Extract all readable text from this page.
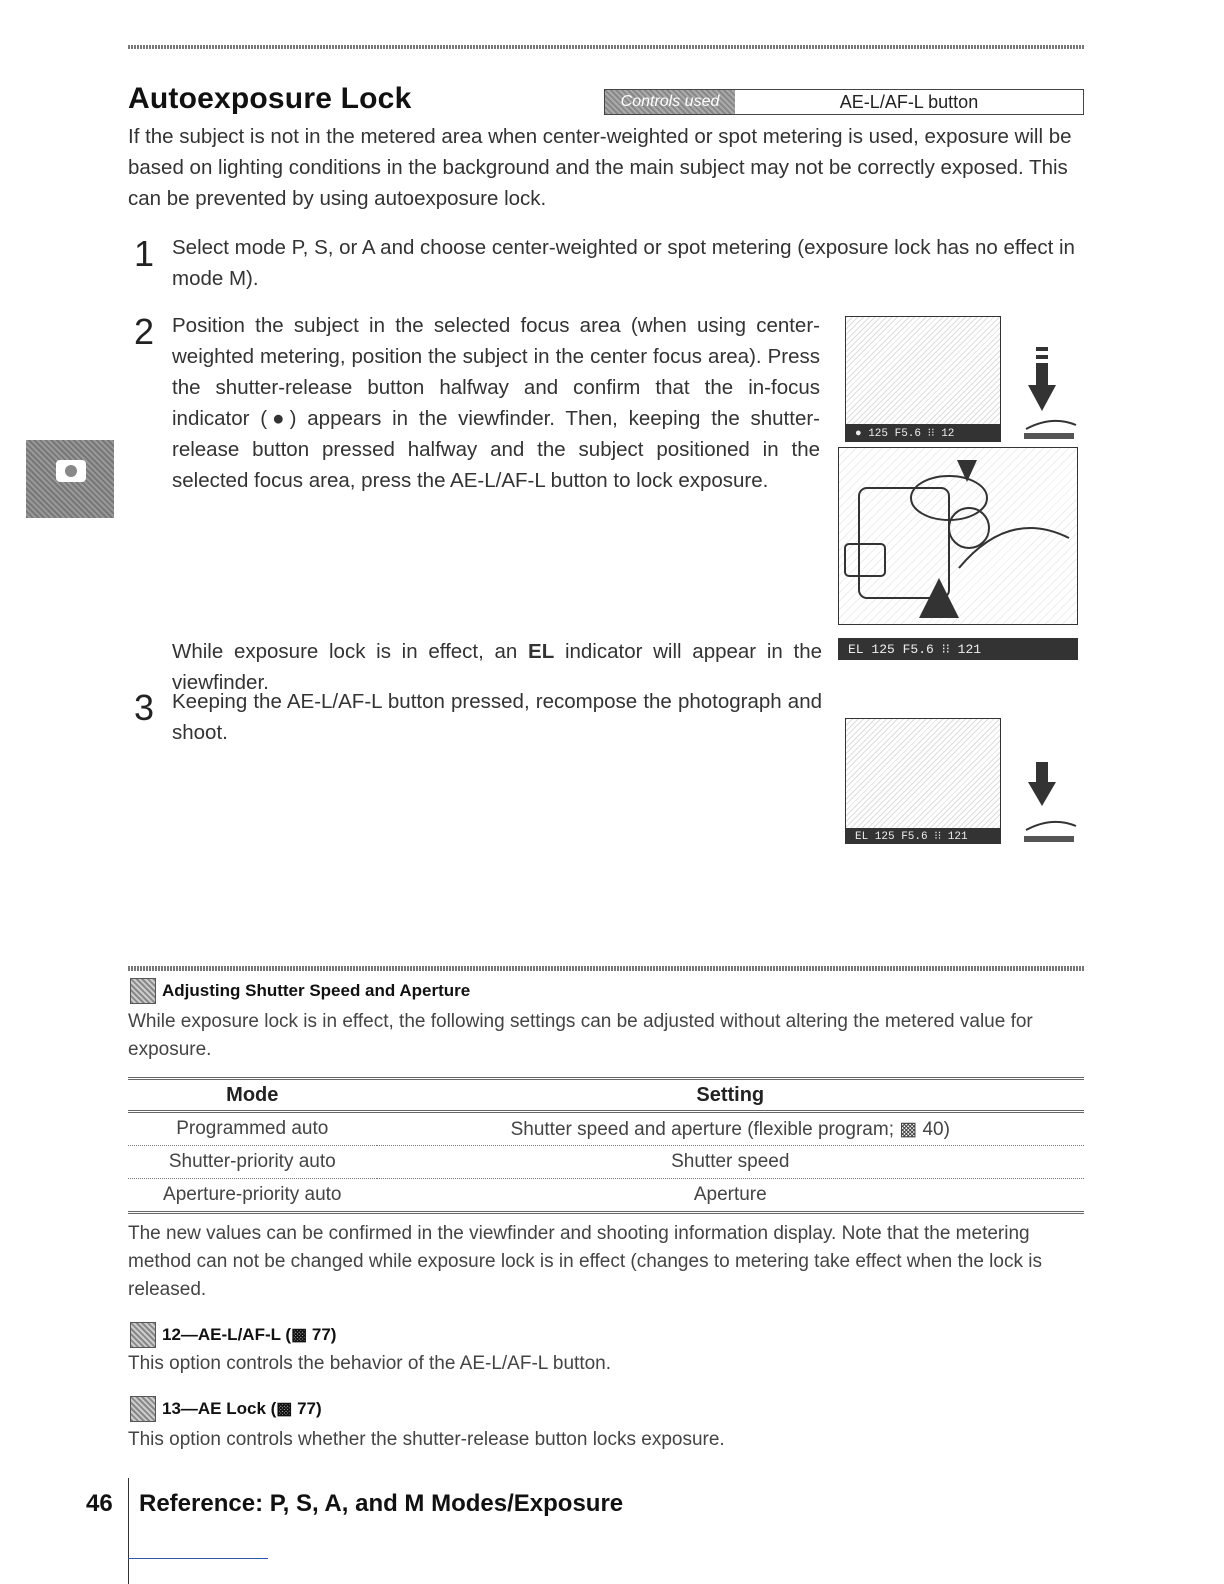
Autoexposure Lock	Controls used	AE-L/AF-L button
If the subject is not in the metered area when center-weighted or spot metering is used, exposure will be based on lighting conditions in the background and the main subject may not be correctly exposed. This can be prevented by using autoexposure lock.
1 Select mode P, S, or A and choose center-weighted or spot metering (exposure lock has no effect in mode M).
2 Position the subject in the selected focus area (when using center-weighted metering, position the subject in the center focus area). Press the shutter-release button halfway and confirm that the in-focus indicator (●) appears in the viewfinder. Then, keeping the shutter-release button pressed halfway and the subject positioned in the selected focus area, press the AE-L/AF-L button to lock exposure.
● 125 F5.6 ⁝⁝ 12
While exposure lock is in effect, an EL indicator will appear in the viewfinder.
EL 125 F5.6 ⁝⁝ 121
3 Keeping the AE-L/AF-L button pressed, recompose the photograph and shoot.
EL 125 F5.6 ⁝⁝ 121
Adjusting Shutter Speed and Aperture
While exposure lock is in effect, the following settings can be adjusted without altering the metered value for exposure.
Mode	Setting
Programmed auto	Shutter speed and aperture (flexible program; ▩ 40)
Shutter-priority auto	Shutter speed
Aperture-priority auto	Aperture
The new values can be confirmed in the viewfinder and shooting information display. Note that the metering method can not be changed while exposure lock is in effect (changes to metering take effect when the lock is released.
12—AE-L/AF-L (▩ 77)
This option controls the behavior of the AE-L/AF-L button.
13—AE Lock (▩ 77)
This option controls whether the shutter-release button locks exposure.
46 Reference: P, S, A, and M Modes/Exposure
